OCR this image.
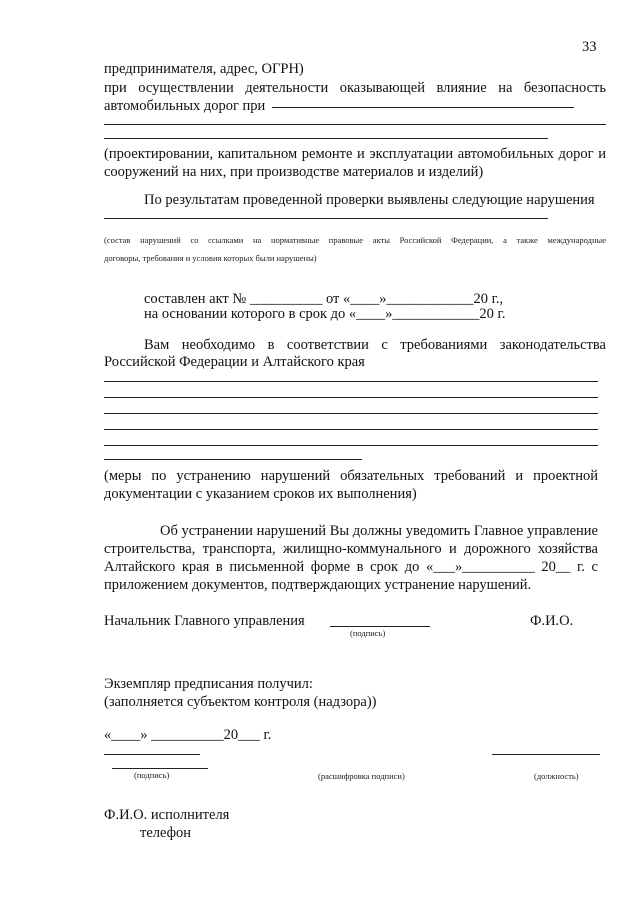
33
предпринимателя, адрес, ОГРН)
при осуществлении деятельности оказывающей влияние на безопасность
автомобильных дорог при
(проектировании, капитальном ремонте и эксплуатации автомобильных дорог и
сооружений на них, при производстве материалов и изделий)
По результатам проведенной проверки выявлены следующие нарушения
(состав нарушений со ссылками на нормативные правовые акты Российской Федерации, а также международные
договоры, требования и условия которых были нарушены)
составлен акт № __________ от «____»____________20 г.,
на основании которого в срок до «____»____________20 г.
Вам необходимо в соответствии с требованиями законодательства
Российской Федерации и Алтайского края
(меры по устранению нарушений обязательных требований и проектной
документации с указанием сроков их выполнения)
Об устранении нарушений Вы должны уведомить Главное управление
строительства, транспорта, жилищно-коммунального и дорожного хозяйства
Алтайского края в письменной форме в срок до «___»__________ 20__ г. с
приложением документов, подтверждающих устранение нарушений.
Начальник Главного управления
(подпись)
Ф.И.О.
Экземпляр предписания получил:
(заполняется субъектом контроля (надзора))
«____» __________20___ г.
(подпись)	(расшифровка подписи)	(должность)
Ф.И.О. исполнителя
телефон
